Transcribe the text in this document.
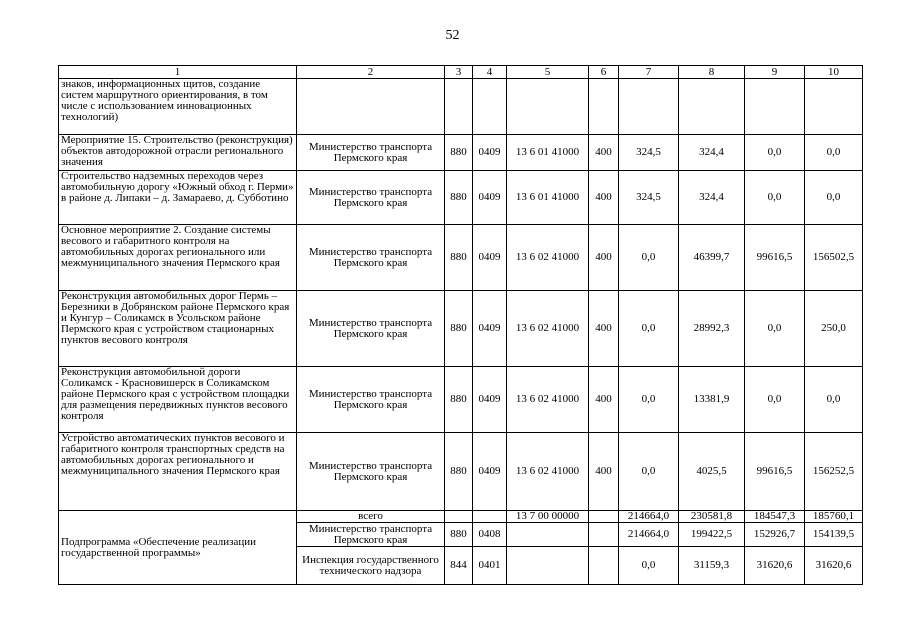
52
1	2	3	4	5	6	7	8	9	10
знаков, информационных щитов, создание систем маршрутного ориентирования, в том числе с использованием инновационных технологий)									
Мероприятие 15. Строительство (реконструкция) объектов автодорожной отрасли регионального значения	Министерство транспорта Пермского края	880	0409	13 6 01 41000	400	324,5	324,4	0,0	0,0
Строительство надземных переходов через автомобильную дорогу «Южный обход г. Перми» в районе д. Липаки – д. Замараево, д. Субботино	Министерство транспорта Пермского края	880	0409	13 6 01 41000	400	324,5	324,4	0,0	0,0
Основное мероприятие 2. Создание системы весового и габаритного контроля на автомобильных дорогах регионального или межмуниципального значения Пермского края	Министерство транспорта Пермского края	880	0409	13 6 02 41000	400	0,0	46399,7	99616,5	156502,5
Реконструкция автомобильных дорог Пермь – Березники в Добрянском районе Пермского края и Кунгур – Соликамск в Усольском районе Пермского края с устройством стационарных пунктов весового контроля	Министерство транспорта Пермского края	880	0409	13 6 02 41000	400	0,0	28992,3	0,0	250,0
Реконструкция автомобильной дороги Соликамск - Красновишерск в Соликамском районе Пермского края с устройством площадки для размещения передвижных пунктов весового контроля	Министерство транспорта Пермского края	880	0409	13 6 02 41000	400	0,0	13381,9	0,0	0,0
Устройство автоматических пунктов весового и габаритного контроля транспортных средств на автомобильных дорогах регионального и межмуниципального значения Пермского края	Министерство транспорта Пермского края	880	0409	13 6 02 41000	400	0,0	4025,5	99616,5	156252,5
Подпрограмма «Обеспечение реализации государственной программы»	всего			13 7 00 00000		214664,0	230581,8	184547,3	185760,1
	Министерство транспорта Пермского края	880	0408			214664,0	199422,5	152926,7	154139,5
	Инспекция государственного технического надзора	844	0401			0,0	31159,3	31620,6	31620,6
